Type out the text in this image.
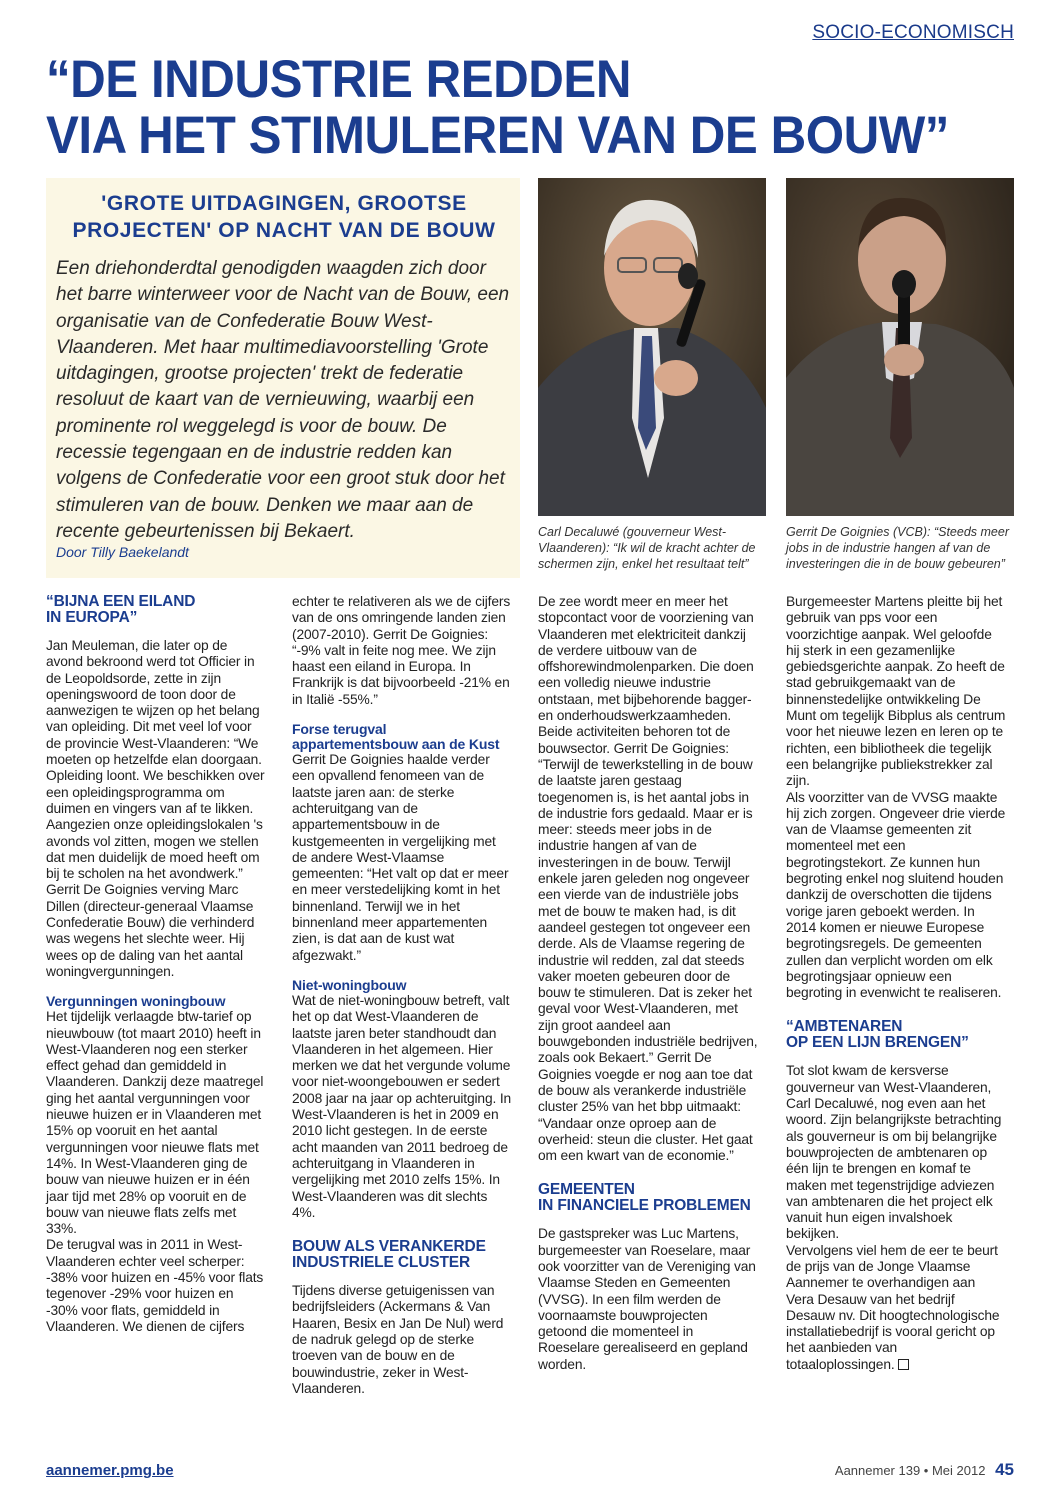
SOCIO-ECONOMISCH
“DE INDUSTRIE REDDEN
VIA HET STIMULEREN VAN DE BOUW”
'GROTE UITDAGINGEN, GROOTSE
PROJECTEN' OP NACHT VAN DE BOUW
Een driehonderdtal genodigden waagden zich door het barre winterweer voor de Nacht van de Bouw, een organisatie van de Confederatie Bouw West-Vlaanderen. Met haar multimediavoorstelling 'Grote uitdagingen, grootse projecten' trekt de federatie resoluut de kaart van de vernieuwing, waarbij een prominente rol weggelegd is voor de bouw. De recessie tegengaan en de industrie redden kan volgens de Confederatie voor een groot stuk door het stimuleren van de bouw. Denken we maar aan de recente gebeurtenissen bij Bekaert.
Door Tilly Baekelandt
Carl Decaluwé (gouverneur West-Vlaanderen): “Ik wil de kracht achter de schermen zijn, enkel het resultaat telt”
Gerrit De Goignies (VCB): “Steeds meer jobs in de industrie hangen af van de investeringen die in de bouw gebeuren”
“BIJNA EEN EILAND
IN EUROPA”

Jan Meuleman, die later op de avond bekroond werd tot Officier in de Leopoldsorde, zette in zijn openingswoord de toon door de aanwezigen te wijzen op het belang van opleiding. Dit met veel lof voor de provincie West-Vlaanderen: “We moeten op hetzelfde elan doorgaan. Opleiding loont. We beschikken over een opleidingsprogramma om duimen en vingers van af te likken. Aangezien onze opleidingslokalen 's avonds vol zitten, mogen we stellen dat men duidelijk de moed heeft om bij te scholen na het avondwerk.”

Gerrit De Goignies verving Marc Dillen (directeur-generaal Vlaamse Confederatie Bouw) die verhinderd was wegens het slechte weer. Hij wees op de daling van het aantal woningvergunningen.

Vergunningen woningbouw

Het tijdelijk verlaagde btw-tarief op nieuwbouw (tot maart 2010) heeft in West-Vlaanderen nog een sterker effect gehad dan gemiddeld in Vlaanderen. Dankzij deze maatregel ging het aantal vergunningen voor nieuwe huizen er in Vlaanderen met 15% op vooruit en het aantal vergunningen voor nieuwe flats met 14%. In West-Vlaanderen ging de bouw van nieuwe huizen er in één jaar tijd met 28% op vooruit en de bouw van nieuwe flats zelfs met 33%.

De terugval was in 2011 in West-Vlaanderen echter veel scherper: -38% voor huizen en -45% voor flats tegenover -29% voor huizen en -30% voor flats, gemiddeld in Vlaanderen. We dienen de cijfers

echter te relativeren als we de cijfers van de ons omringende landen zien (2007-2010). Gerrit De Goignies: “-9% valt in feite nog mee. We zijn haast een eiland in Europa. In Frankrijk is dat bijvoorbeeld -21% en in Italië -55%.”

Forse terugval
appartementsbouw aan de Kust

Gerrit De Goignies haalde verder een opvallend fenomeen van de laatste jaren aan: de sterke achteruitgang van de appartementsbouw in de kustgemeenten in vergelijking met de andere West-Vlaamse gemeenten: “Het valt op dat er meer en meer verstedelijking komt in het binnenland. Terwijl we in het binnenland meer appartementen zien, is dat aan de kust wat afgezwakt.”

Niet-woningbouw

Wat de niet-woningbouw betreft, valt het op dat West-Vlaanderen de laatste jaren beter standhoudt dan Vlaanderen in het algemeen. Hier merken we dat het vergunde volume voor niet-woongebouwen er sedert 2008 jaar na jaar op achteruitging. In West-Vlaanderen is het in 2009 en 2010 licht gestegen. In de eerste acht maanden van 2011 bedroeg de achteruitgang in Vlaanderen in vergelijking met 2010 zelfs 15%. In West-Vlaanderen was dit slechts 4%.

BOUW ALS VERANKERDE
INDUSTRIELE CLUSTER

Tijdens diverse getuigenissen van bedrijfsleiders (Ackermans & Van Haaren, Besix en Jan De Nul) werd de nadruk gelegd op de sterke troeven van de bouw en de bouwindustrie, zeker in West-Vlaanderen.

De zee wordt meer en meer het stopcontact voor de voorziening van Vlaanderen met elektriciteit dankzij de verdere uitbouw van de offshorewindmolenparken. Die doen een volledig nieuwe industrie ontstaan, met bijbehorende bagger- en onderhoudswerkzaamheden. Beide activiteiten behoren tot de bouwsector. Gerrit De Goignies: “Terwijl de tewerkstelling in de bouw de laatste jaren gestaag toegenomen is, is het aantal jobs in de industrie fors gedaald. Maar er is meer: steeds meer jobs in de industrie hangen af van de investeringen in de bouw. Terwijl enkele jaren geleden nog ongeveer een vierde van de industriële jobs met de bouw te maken had, is dit aandeel gestegen tot ongeveer een derde. Als de Vlaamse regering de industrie wil redden, zal dat steeds vaker moeten gebeuren door de bouw te stimuleren. Dat is zeker het geval voor West-Vlaanderen, met zijn groot aandeel aan bouwgebonden industriële bedrijven, zoals ook Bekaert.” Gerrit De Goignies voegde er nog aan toe dat de bouw als verankerde industriële cluster 25% van het bbp uitmaakt: “Vandaar onze oproep aan de overheid: steun die cluster. Het gaat om een kwart van de economie.”

GEMEENTEN
IN FINANCIELE PROBLEMEN

De gastspreker was Luc Martens, burgemeester van Roeselare, maar ook voorzitter van de Vereniging van Vlaamse Steden en Gemeenten (VVSG). In een film werden de voornaamste bouwprojecten getoond die momenteel in Roeselare gerealiseerd en gepland worden.

Burgemeester Martens pleitte bij het gebruik van pps voor een voorzichtige aanpak. Wel geloofde hij sterk in een gezamenlijke gebiedsgerichte aanpak. Zo heeft de stad gebruikgemaakt van de binnenstedelijke ontwikkeling De Munt om tegelijk Bibplus als centrum voor het nieuwe lezen en leren op te richten, een bibliotheek die tegelijk een belangrijke publiekstrekker zal zijn.

Als voorzitter van de VVSG maakte hij zich zorgen. Ongeveer drie vierde van de Vlaamse gemeenten zit momenteel met een begrotingstekort. Ze kunnen hun begroting enkel nog sluitend houden dankzij de overschotten die tijdens vorige jaren geboekt werden. In 2014 komen er nieuwe Europese begrotingsregels. De gemeenten zullen dan verplicht worden om elk begrotingsjaar opnieuw een begroting in evenwicht te realiseren.

“AMBTENAREN
OP EEN LIJN BRENGEN”

Tot slot kwam de kersverse gouverneur van West-Vlaanderen, Carl Decaluwé, nog even aan het woord. Zijn belangrijkste betrachting als gouverneur is om bij belangrijke bouwprojecten de ambtenaren op één lijn te brengen en komaf te maken met tegenstrijdige adviezen van ambtenaren die het project elk vanuit hun eigen invalshoek bekijken.

Vervolgens viel hem de eer te beurt de prijs van de Jonge Vlaamse Aannemer te overhandigen aan Vera Desauw van het bedrijf Desauw nv. Dit hoogtechnologische installatiebedrijf is vooral gericht op het aanbieden van totaaloplossingen.

aannemer.pmg.be	Aannemer 139 • Mei 2012 45
